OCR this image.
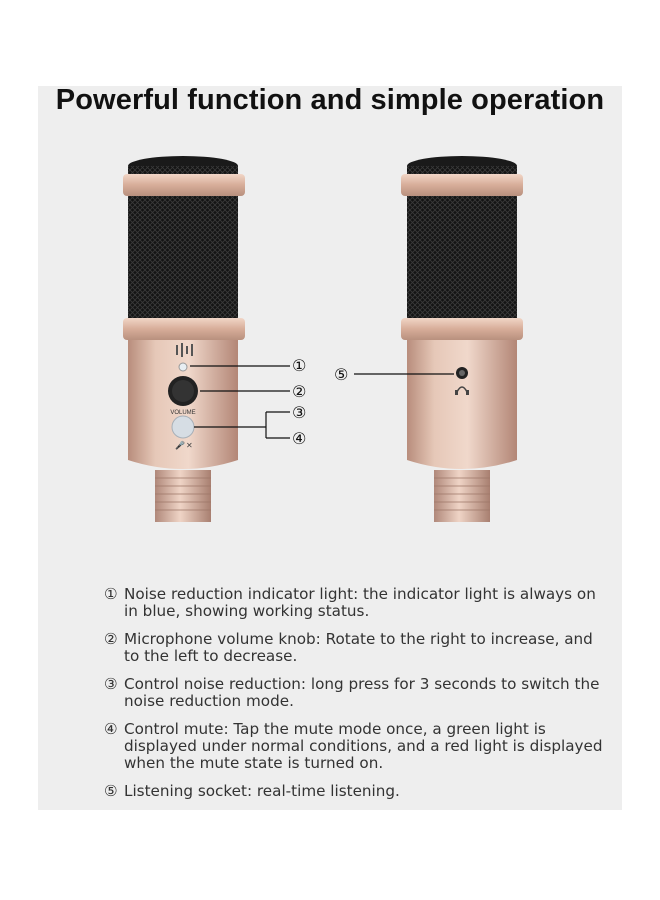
Powerful function and simple operation
VOLUME
🎤 ✕
①
②
③
④
⑤
① Noise reduction indicator light: the indicator light is always on in blue, showing working status.
② Microphone volume knob: Rotate to the right to increase, and to the left to decrease.
③ Control noise reduction: long press for 3 seconds to switch the noise reduction mode.
④ Control mute: Tap the mute mode once, a green light is displayed under normal conditions, and a red light is displayed when the mute state is turned on.
⑤ Listening socket: real-time listening.
